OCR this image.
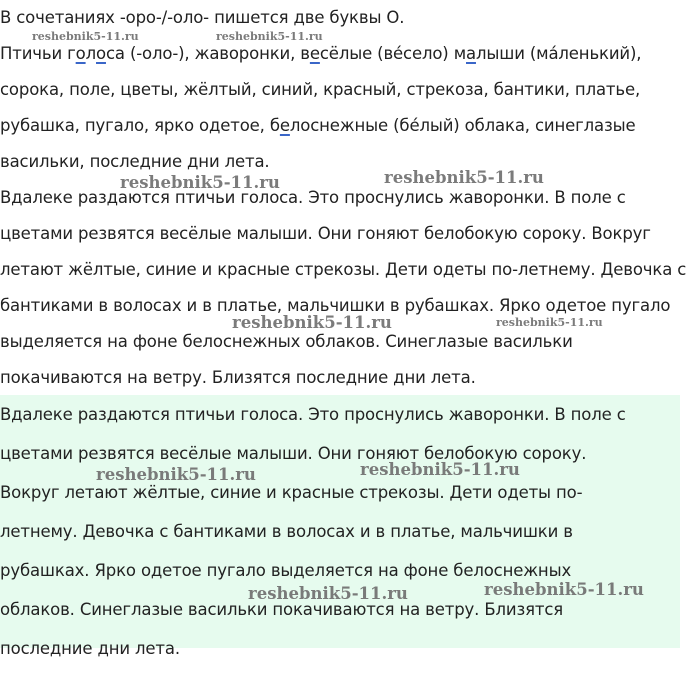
В сочетаниях -оро-/-оло- пишется две буквы О.
Птичьи голоса (-оло-), жаворонки, весёлые (ве́село) малыши (ма́ленький),
сорока, поле, цветы, жёлтый, синий, красный, стрекоза, бантики, платье,
рубашка, пугало, ярко одетое, белоснежные (бе́лый) облака, синеглазые
васильки, последние дни лета.
Вдалеке раздаются птичьи голоса. Это проснулись жаворонки. В поле с
цветами резвятся весёлые малыши. Они гоняют белобокую сороку. Вокруг
летают жёлтые, синие и красные стрекозы. Дети одеты по-летнему. Девочка с
бантиками в волосах и в платье, мальчишки в рубашках. Ярко одетое пугало
выделяется на фоне белоснежных облаков. Синеглазые васильки
покачиваются на ветру. Близятся последние дни лета.
Вдалеке раздаются птичьи голоса. Это проснулись жаворонки. В поле с
цветами резвятся весёлые малыши. Они гоняют белобокую сороку.
Вокруг летают жёлтые, синие и красные стрекозы. Дети одеты по-
летнему. Девочка с бантиками в волосах и в платье, мальчишки в
рубашках. Ярко одетое пугало выделяется на фоне белоснежных
облаков. Синеглазые васильки покачиваются на ветру. Близятся
последние дни лета.
reshebnik5-11.ru	reshebnik5-11.ru
reshebnik5-11.ru	reshebnik5-11.ru
reshebnik5-11.ru	reshebnik5-11.ru
reshebnik5-11.ru	reshebnik5-11.ru
reshebnik5-11.ru	reshebnik5-11.ru
